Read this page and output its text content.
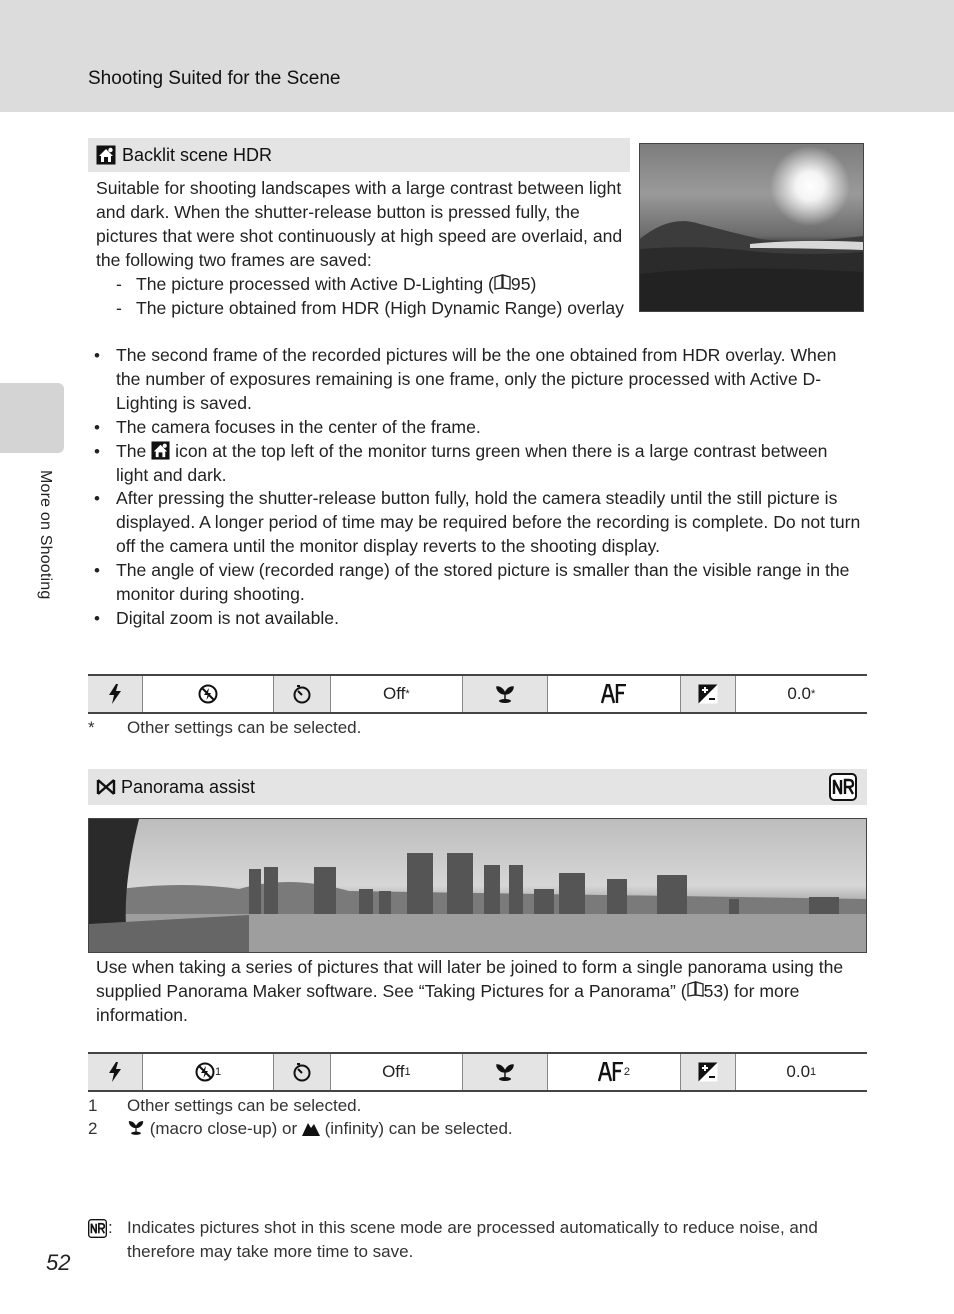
Shooting Suited for the Scene
More on Shooting
Backlit scene HDR

Suitable for shooting landscapes with a large contrast between light and dark. When the shutter-release button is pressed fully, the pictures that were shot continuously at high speed are overlaid, and the following two frames are saved:

- The picture processed with Active D-Lighting ( 95)
- The picture obtained from HDR (High Dynamic Range) overlay
• The second frame of the recorded pictures will be the one obtained from HDR overlay. When the number of exposures remaining is one frame, only the picture processed with Active D-Lighting is saved.
• The camera focuses in the center of the frame.
• The icon at the top left of the monitor turns green when there is a large contrast between light and dark.
• After pressing the shutter-release button fully, hold the camera steadily until the still picture is displayed. A longer period of time may be required before the recording is complete. Do not turn off the camera until the monitor display reverts to the shooting display.
• The angle of view (recorded range) of the stored picture is smaller than the visible range in the monitor during shooting.
• Digital zoom is not available.
Off *	0.0 *
* Other settings can be selected.
Panorama assist
Use when taking a series of pictures that will later be joined to form a single panorama using the supplied Panorama Maker software. See “Taking Pictures for a Panorama” ( 53) for more information.
1	Off 1	2	0.0 1
1 Other settings can be selected.
2	(macro close-up) or (infinity) can be selected.
: Indicates pictures shot in this scene mode are processed automatically to reduce noise, and therefore may take more time to save.
52
